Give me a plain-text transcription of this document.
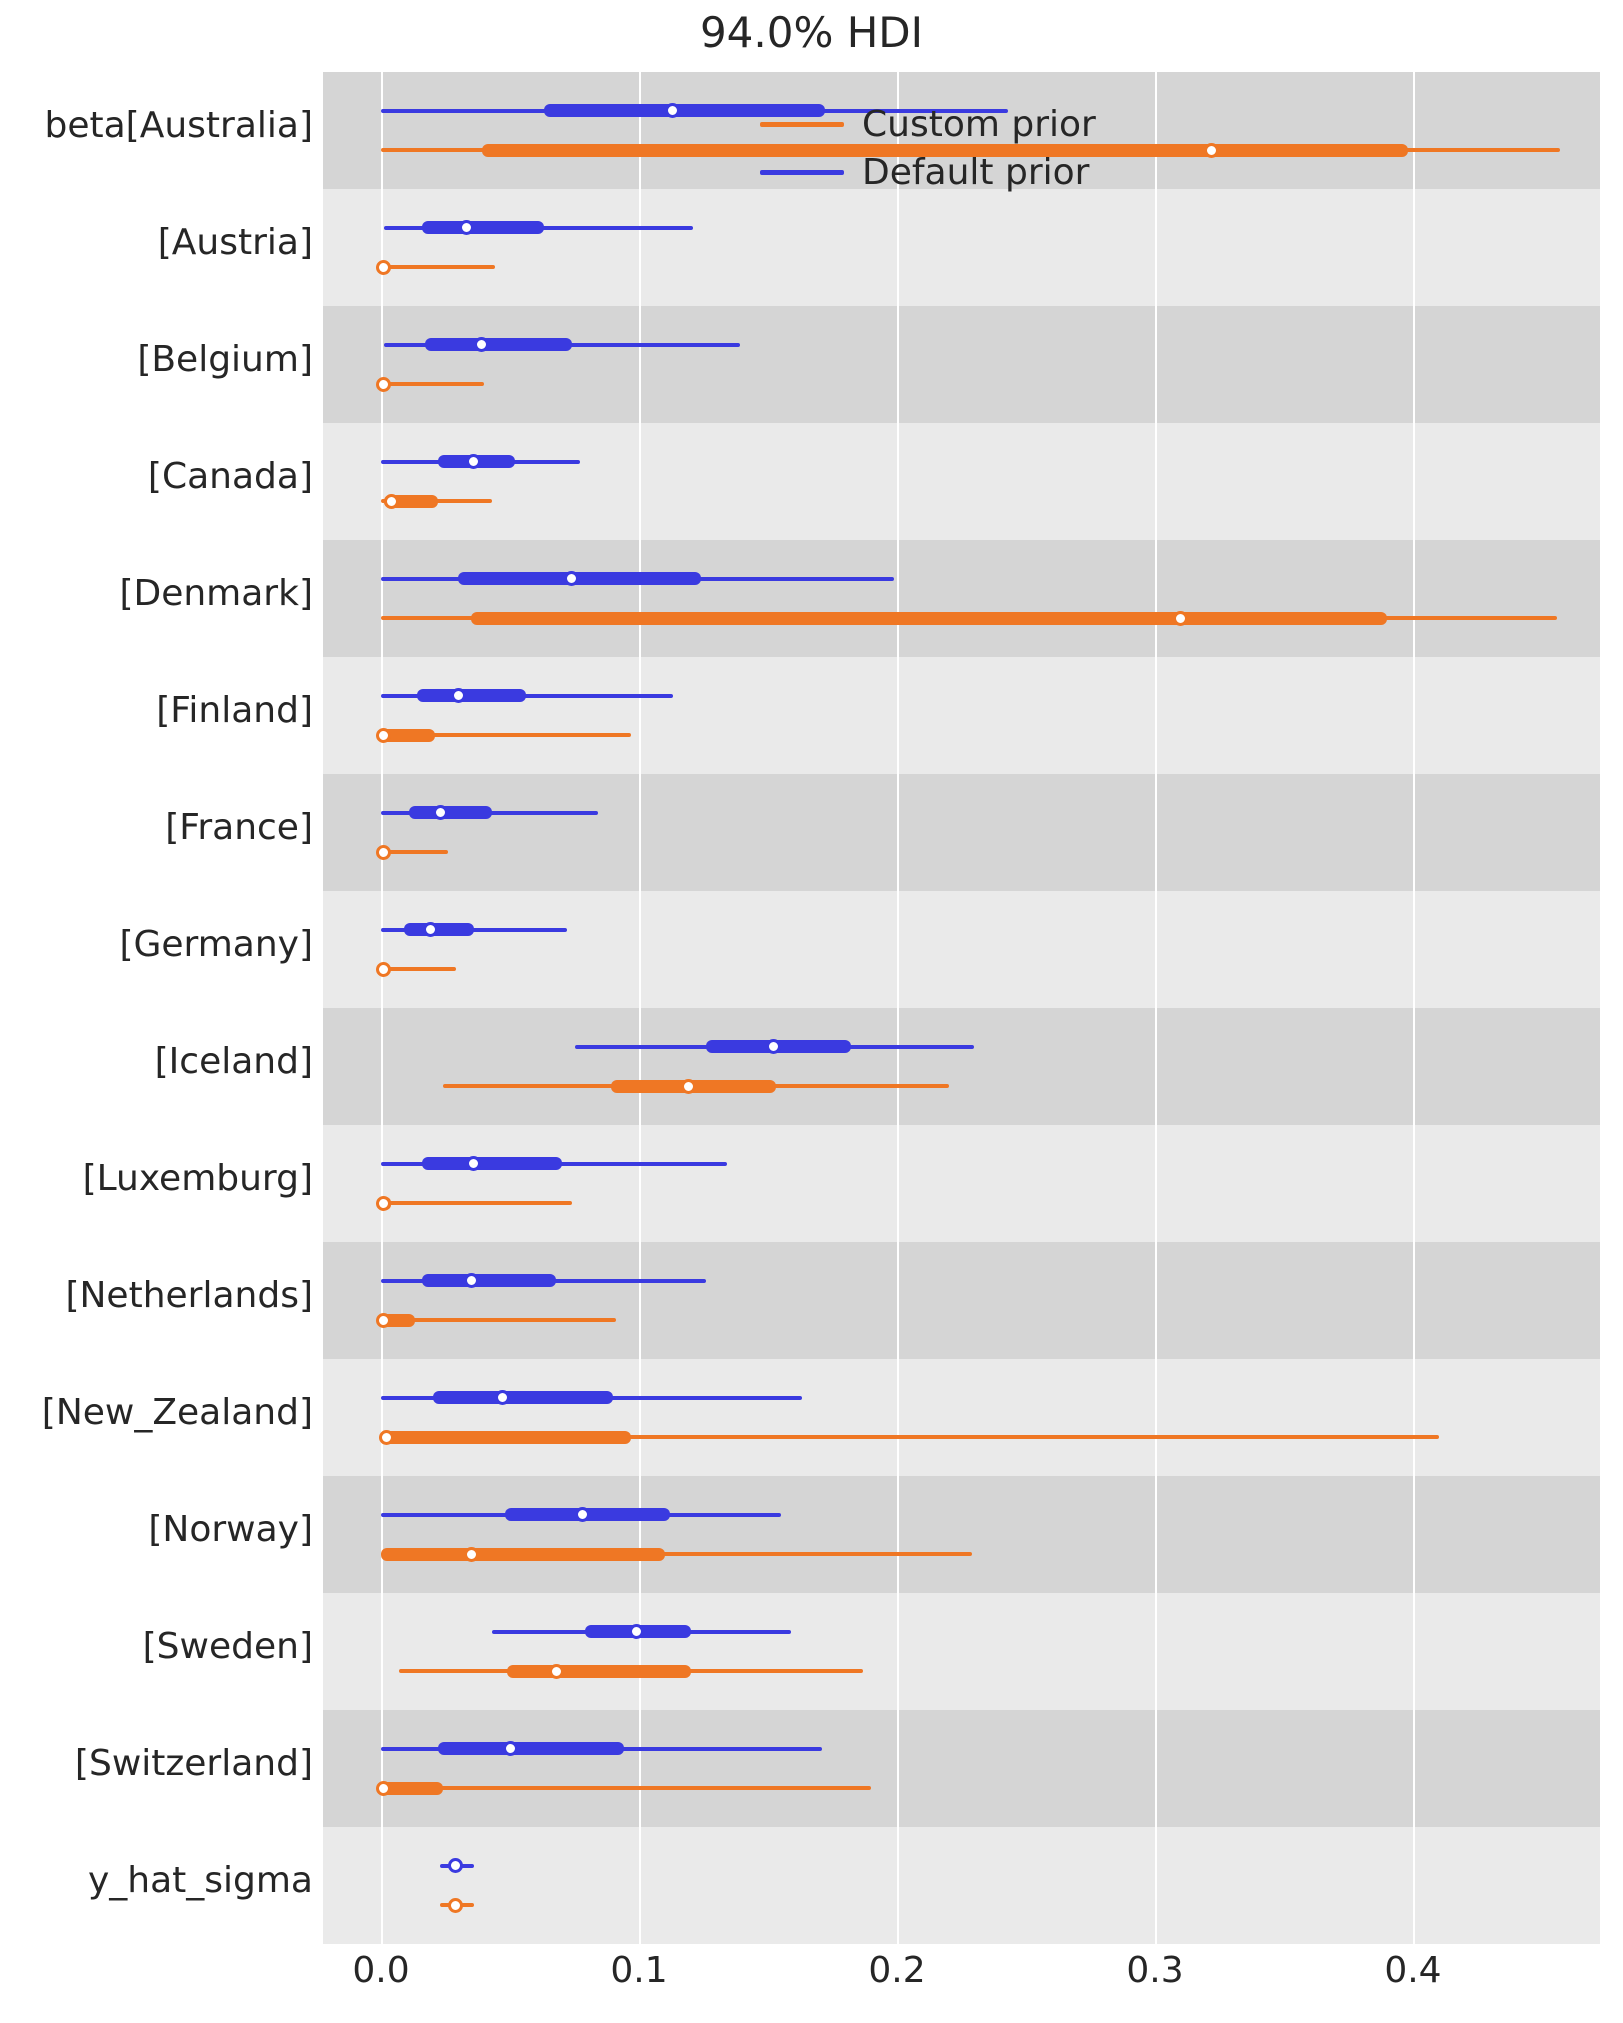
94.0% HDI
beta[Australia]
[Austria]
[Belgium]
[Canada]
[Denmark]
[Finland]
[France]
[Germany]
[Iceland]
[Luxemburg]
[Netherlands]
[New_Zealand]
[Norway]
[Sweden]
[Switzerland]
y_hat_sigma
0.0	0.1	0.2	0.3	0.4
Custom prior
Default prior
